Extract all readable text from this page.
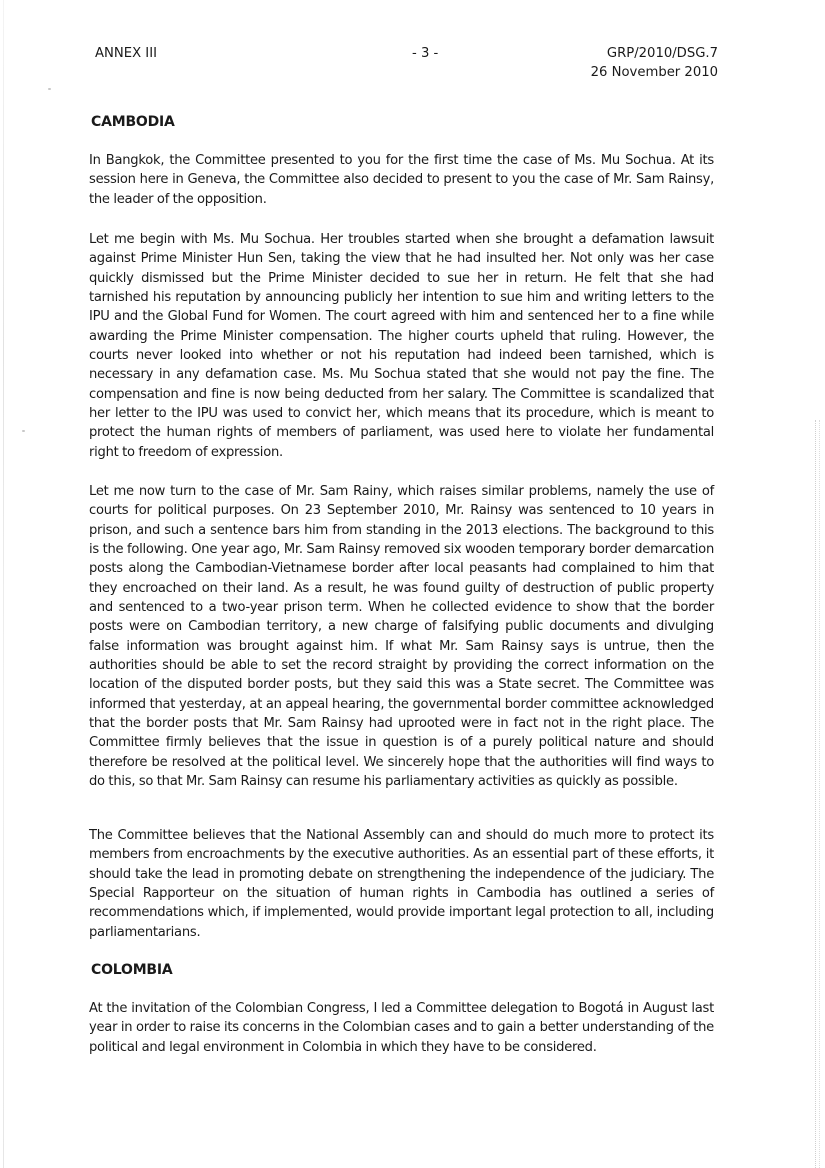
ANNEX III	- 3 -	GRP/2010/DSG.7
26 November 2010
CAMBODIA
In Bangkok, the Committee presented to you for the first time the case of Ms. Mu Sochua. At its session here in Geneva, the Committee also decided to present to you the case of Mr. Sam Rainsy, the leader of the opposition.
Let me begin with Ms. Mu Sochua. Her troubles started when she brought a defamation lawsuit against Prime Minister Hun Sen, taking the view that he had insulted her. Not only was her case quickly dismissed but the Prime Minister decided to sue her in return. He felt that she had tarnished his reputation by announcing publicly her intention to sue him and writing letters to the IPU and the Global Fund for Women. The court agreed with him and sentenced her to a fine while awarding the Prime Minister compensation. The higher courts upheld that ruling. However, the courts never looked into whether or not his reputation had indeed been tarnished, which is necessary in any defamation case. Ms. Mu Sochua stated that she would not pay the fine. The compensation and fine is now being deducted from her salary. The Committee is scandalized that her letter to the IPU was used to convict her, which means that its procedure, which is meant to protect the human rights of members of parliament, was used here to violate her fundamental right to freedom of expression.
Let me now turn to the case of Mr. Sam Rainy, which raises similar problems, namely the use of courts for political purposes. On 23 September 2010, Mr. Rainsy was sentenced to 10 years in prison, and such a sentence bars him from standing in the 2013 elections. The background to this is the following. One year ago, Mr. Sam Rainsy removed six wooden temporary border demarcation posts along the Cambodian-Vietnamese border after local peasants had complained to him that they encroached on their land. As a result, he was found guilty of destruction of public property and sentenced to a two-year prison term. When he collected evidence to show that the border posts were on Cambodian territory, a new charge of falsifying public documents and divulging false information was brought against him. If what Mr. Sam Rainsy says is untrue, then the authorities should be able to set the record straight by providing the correct information on the location of the disputed border posts, but they said this was a State secret. The Committee was informed that yesterday, at an appeal hearing, the governmental border committee acknowledged that the border posts that Mr. Sam Rainsy had uprooted were in fact not in the right place. The Committee firmly believes that the issue in question is of a purely political nature and should therefore be resolved at the political level. We sincerely hope that the authorities will find ways to do this, so that Mr. Sam Rainsy can resume his parliamentary activities as quickly as possible.
The Committee believes that the National Assembly can and should do much more to protect its members from encroachments by the executive authorities. As an essential part of these efforts, it should take the lead in promoting debate on strengthening the independence of the judiciary. The Special Rapporteur on the situation of human rights in Cambodia has outlined a series of recommendations which, if implemented, would provide important legal protection to all, including parliamentarians.
COLOMBIA
At the invitation of the Colombian Congress, I led a Committee delegation to Bogotá in August last year in order to raise its concerns in the Colombian cases and to gain a better understanding of the political and legal environment in Colombia in which they have to be considered.
